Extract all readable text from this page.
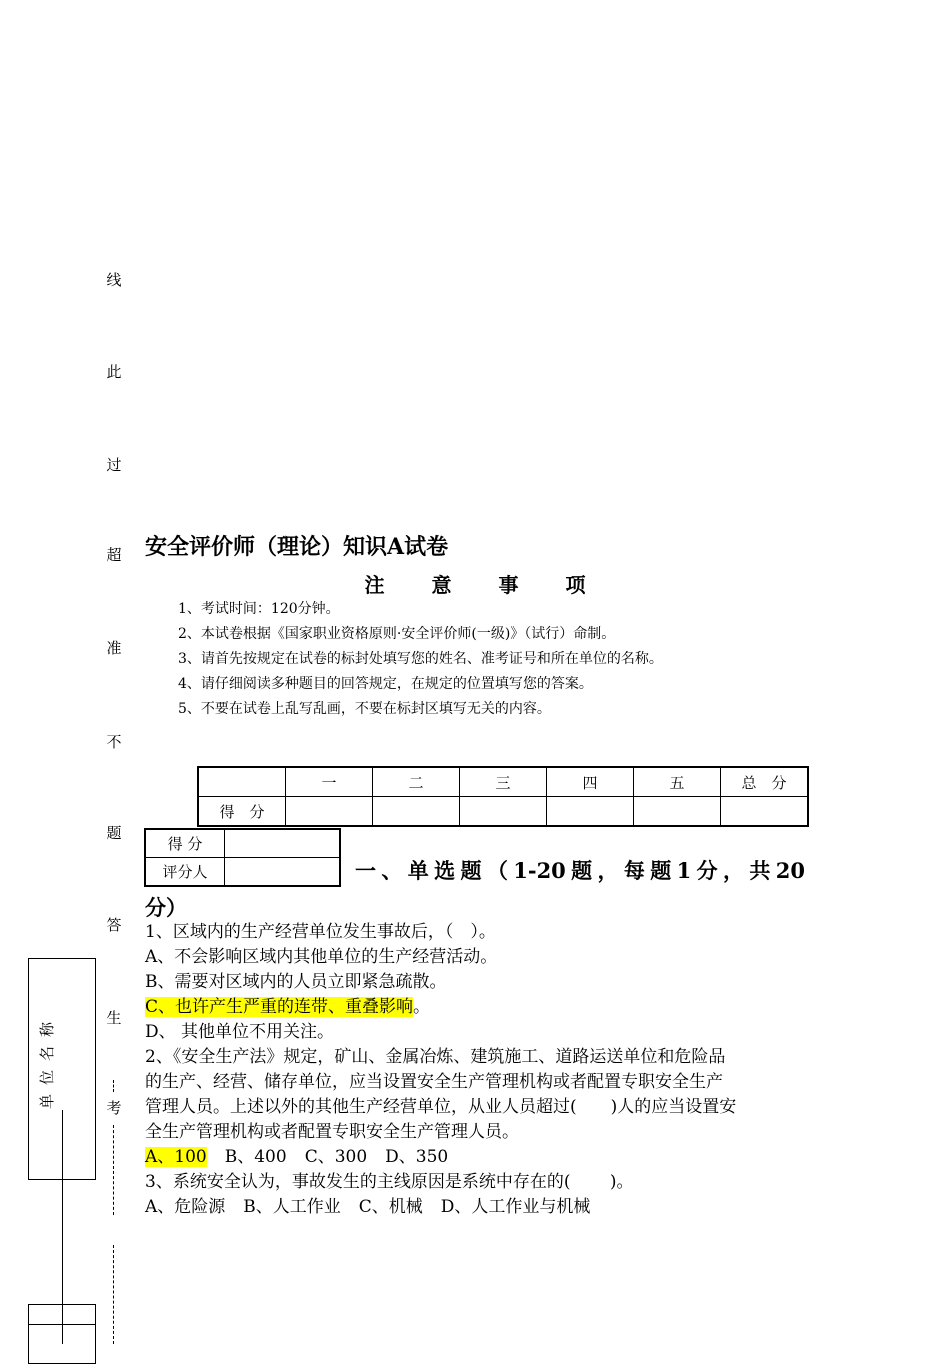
线
此
过
超
准
不
题
答
生
考
称
名
位
单
安全评价师（理论）知识A试卷
注 意 事 项
1、考试时间：120分钟。
2、本试卷根据《国家职业资格原则·安全评价师(一级)》（试行）命制。
3、请首先按规定在试卷的标封处填写您的姓名、准考证号和所在单位的名称。
4、请仔细阅读多种题目的回答规定，在规定的位置填写您的答案。
5、不要在试卷上乱写乱画，不要在标封区填写无关的内容。
	一	二	三	四	五	总　分
得　分						
得 分	
评分人		一、单选题（1-20题，每题1分，共20
分）
1、区域内的生产经营单位发生事故后，（　）。
A、不会影响区域内其他单位的生产经营活动。
B、需要对区域内的人员立即紧急疏散。
C、也许产生严重的连带、重叠影响。
D、 其他单位不用关注。
2、《安全生产法》规定，矿山、金属冶炼、建筑施工、道路运送单位和危险品
的生产、经营、储存单位，应当设置安全生产管理机构或者配置专职安全生产
管理人员。上述以外的其他生产经营单位，从业人员超过(　　)人的应当设置安
全生产管理机构或者配置专职安全生产管理人员。
A、100 B、400 C、300 D、350
3、系统安全认为，事故发生的主线原因是系统中存在的(　　 )。
A、危险源 B、人工作业 C、机械 D、人工作业与机械
